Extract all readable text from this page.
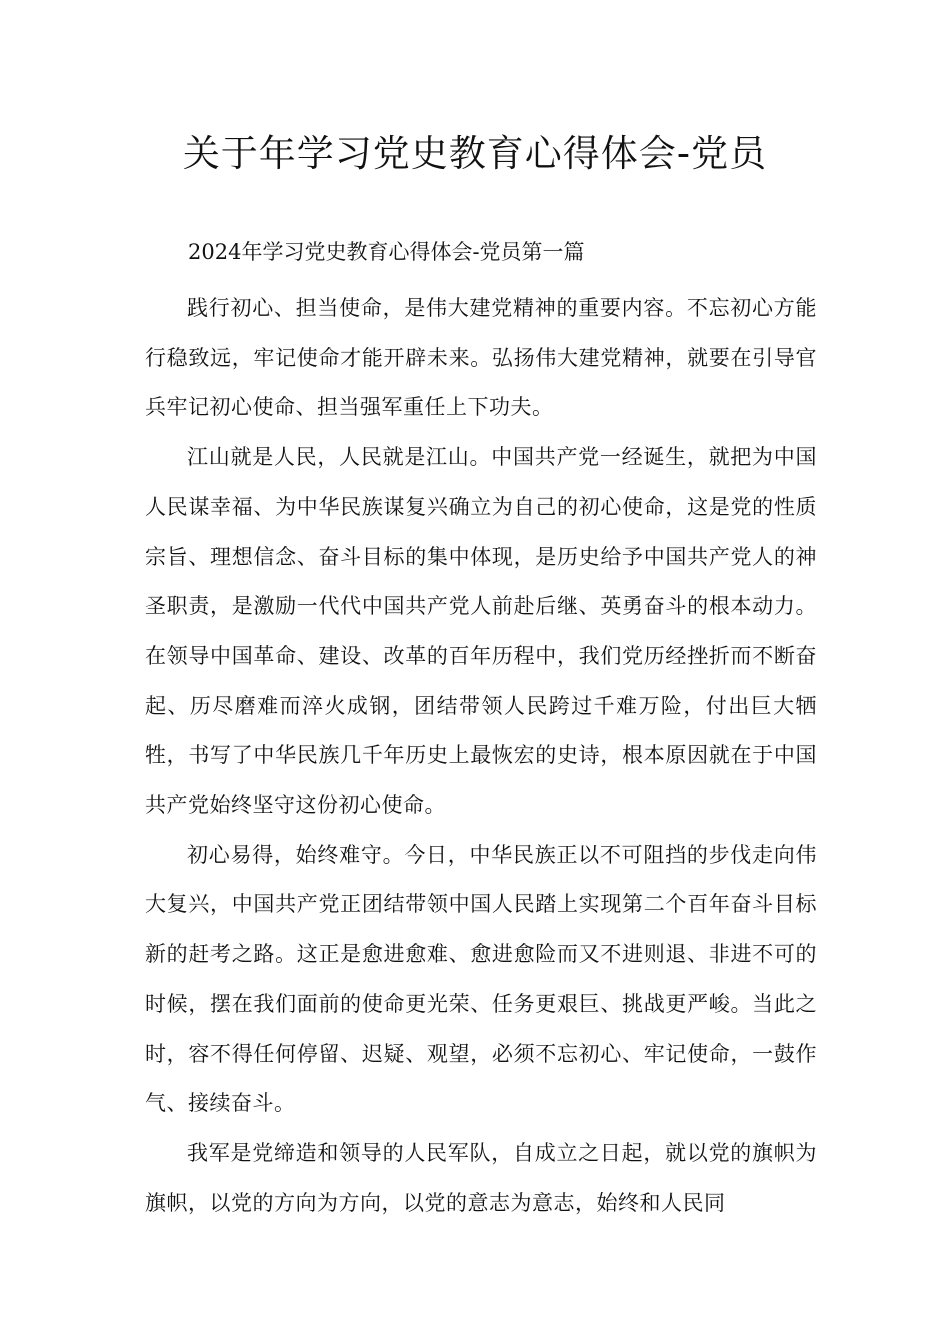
关于年学习党史教育心得体会-党员
2024年学习党史教育心得体会-党员第一篇

践行初心、担当使命，是伟大建党精神的重要内容。不忘初心方能行稳致远，牢记使命才能开辟未来。弘扬伟大建党精神，就要在引导官兵牢记初心使命、担当强军重任上下功夫。

江山就是人民，人民就是江山。中国共产党一经诞生，就把为中国人民谋幸福、为中华民族谋复兴确立为自己的初心使命，这是党的性质宗旨、理想信念、奋斗目标的集中体现，是历史给予中国共产党人的神圣职责，是激励一代代中国共产党人前赴后继、英勇奋斗的根本动力。在领导中国革命、建设、改革的百年历程中，我们党历经挫折而不断奋起、历尽磨难而淬火成钢，团结带领人民跨过千难万险，付出巨大牺牲，书写了中华民族几千年历史上最恢宏的史诗，根本原因就在于中国共产党始终坚守这份初心使命。

初心易得，始终难守。今日，中华民族正以不可阻挡的步伐走向伟大复兴，中国共产党正团结带领中国人民踏上实现第二个百年奋斗目标新的赶考之路。这正是愈进愈难、愈进愈险而又不进则退、非进不可的时候，摆在我们面前的使命更光荣、任务更艰巨、挑战更严峻。当此之时，容不得任何停留、迟疑、观望，必须不忘初心、牢记使命，一鼓作气、接续奋斗。

我军是党缔造和领导的人民军队，自成立之日起，就以党的旗帜为旗帜，以党的方向为方向，以党的意志为意志，始终和人民同
